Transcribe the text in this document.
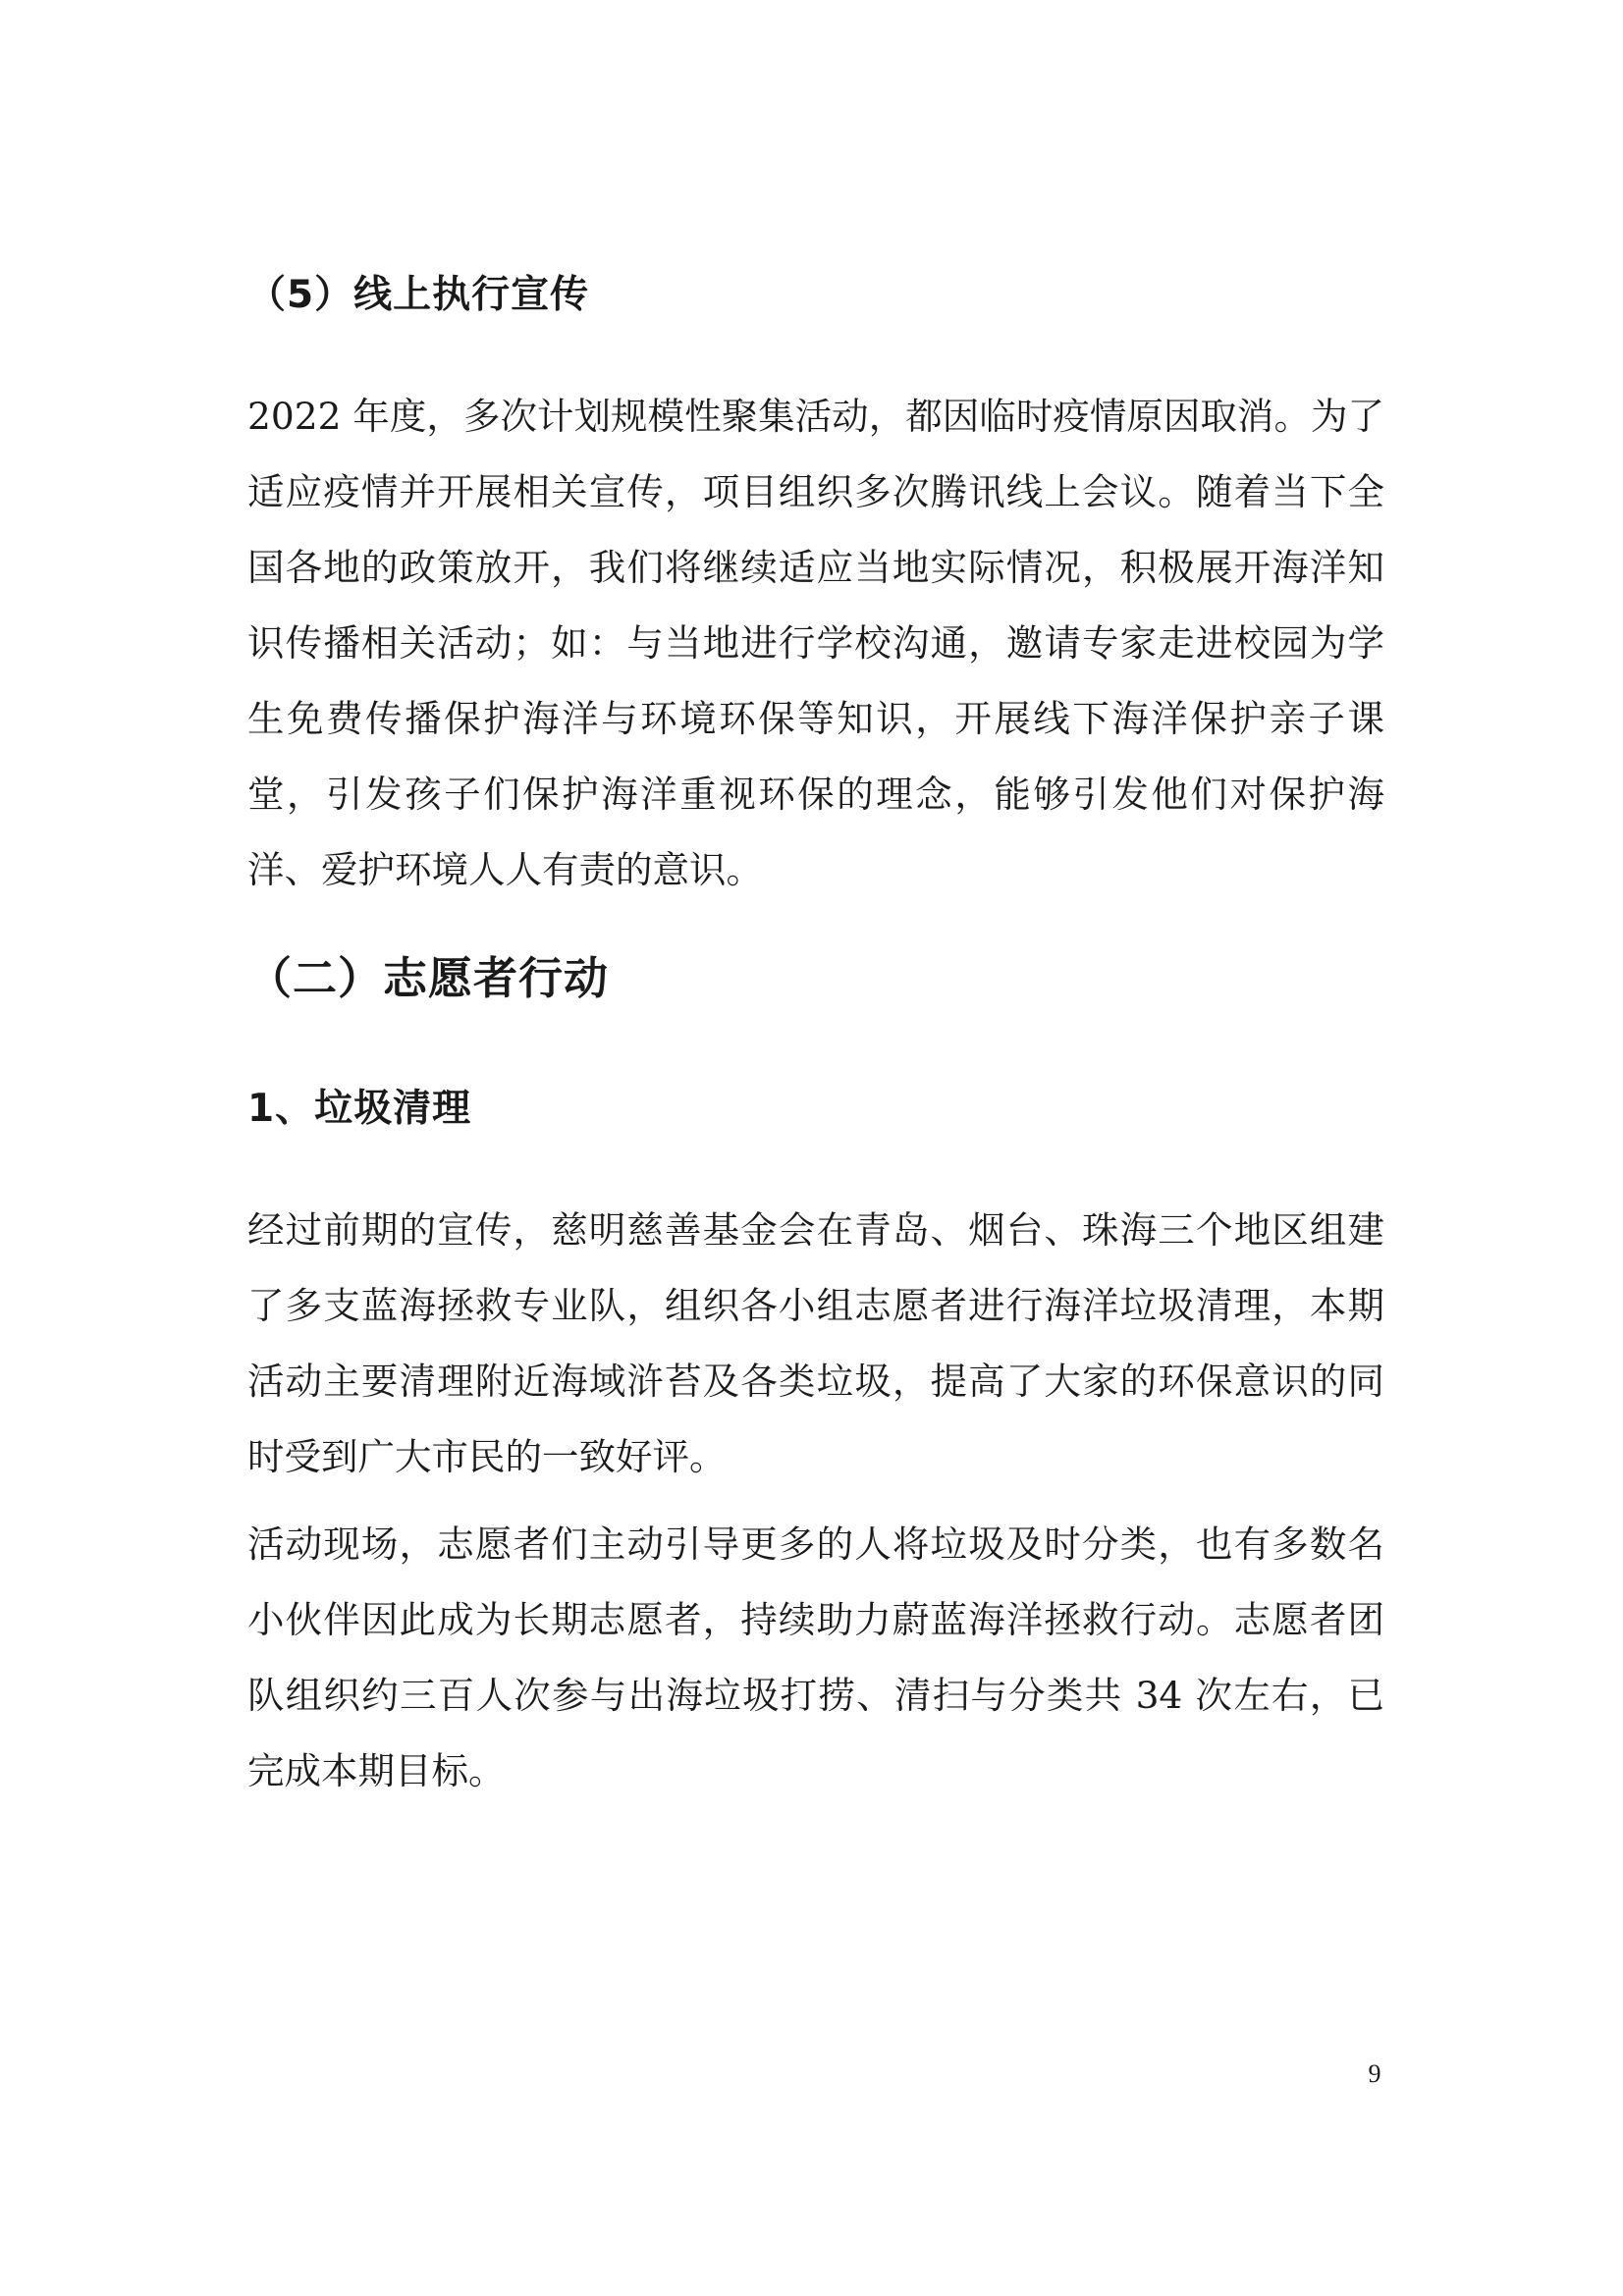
（5）线上执行宣传

2022 年度，多次计划规模性聚集活动，都因临时疫情原因取消。为了适应疫情并开展相关宣传，项目组织多次腾讯线上会议。随着当下全国各地的政策放开，我们将继续适应当地实际情况，积极展开海洋知识传播相关活动；如：与当地进行学校沟通，邀请专家走进校园为学生免费传播保护海洋与环境环保等知识，开展线下海洋保护亲子课堂，引发孩子们保护海洋重视环保的理念，能够引发他们对保护海洋、爱护环境人人有责的意识。

（二）志愿者行动
1、垃圾清理

经过前期的宣传，慈明慈善基金会在青岛、烟台、珠海三个地区组建了多支蓝海拯救专业队，组织各小组志愿者进行海洋垃圾清理，本期活动主要清理附近海域浒苔及各类垃圾，提高了大家的环保意识的同时受到广大市民的一致好评。

活动现场，志愿者们主动引导更多的人将垃圾及时分类，也有多数名小伙伴因此成为长期志愿者，持续助力蔚蓝海洋拯救行动。志愿者团队组织约三百人次参与出海垃圾打捞、清扫与分类共 34 次左右，已完成本期目标。

9
